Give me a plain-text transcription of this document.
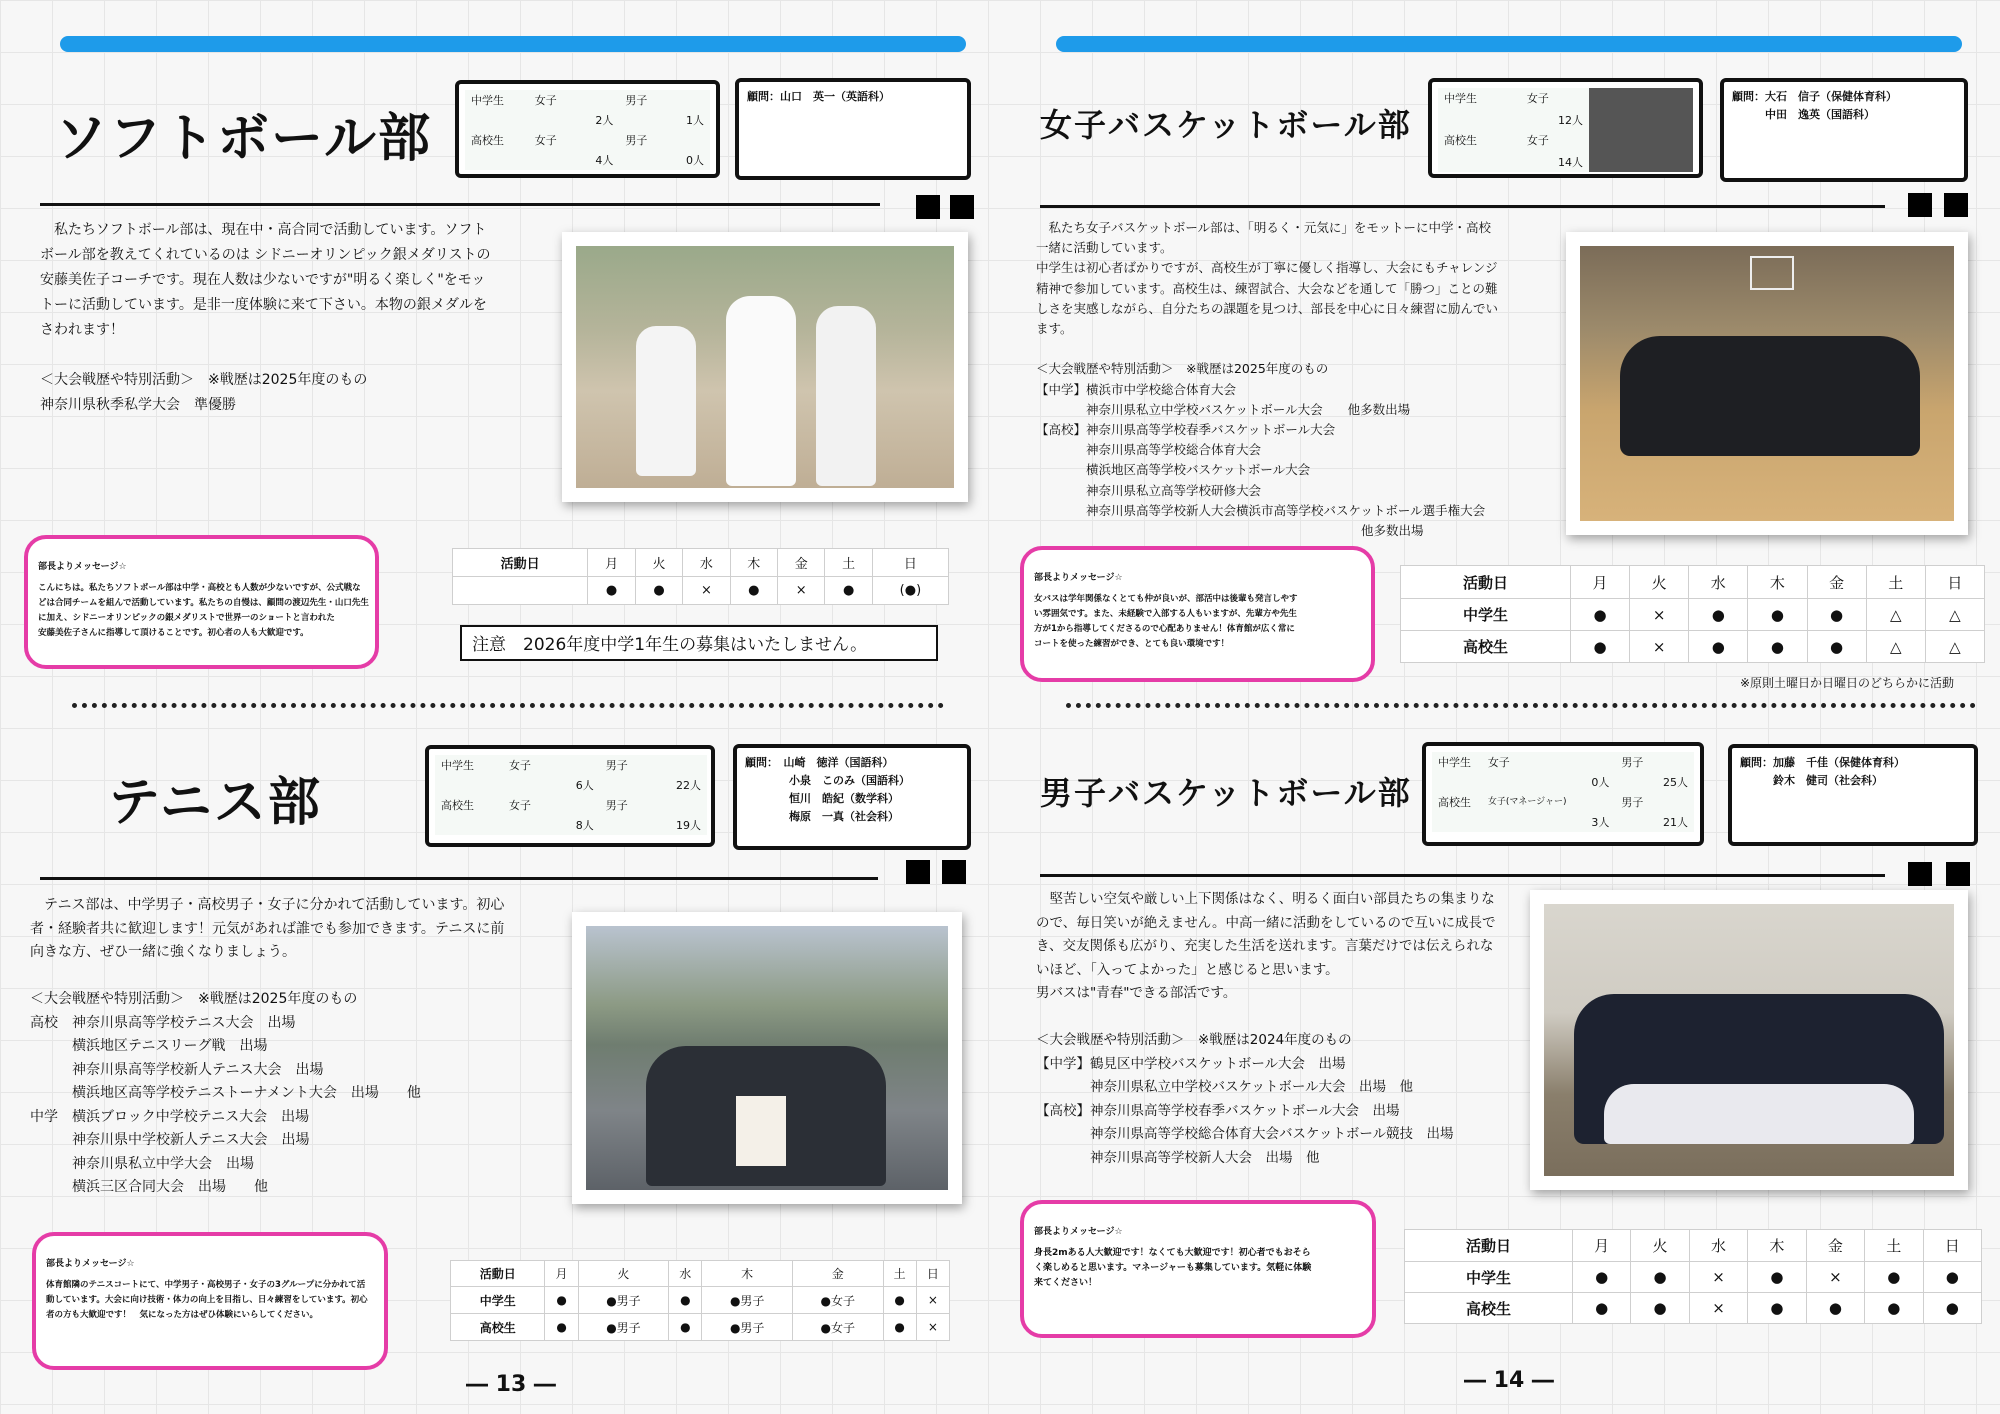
ソフトボール部
中学生	女子		男子	
		2人		1人
高校生	女子		男子	
		4人		0人
顧問：山口　英一（英語科）
　私たちソフトボール部は、現在中・高合同で活動しています。ソフト
ボール部を教えてくれているのは シドニーオリンピック銀メダリストの
安藤美佐子コーチです。現在人数は少ないですが"明るく楽しく"をモッ
トーに活動しています。是非一度体験に来て下さい。本物の銀メダルを
さわれます！

＜大会戦歴や特別活動＞　※戦歴は2025年度のもの
神奈川県秋季私学大会　準優勝
部長よりメッセージ☆
こんにちは。私たちソフトボール部は中学・高校とも人数が少ないですが、公式戦な
どは合同チームを組んで活動しています。私たちの自慢は、顧問の渡辺先生・山口先生
に加え、シドニーオリンピックの銀メダリストで世界一のショートと言われた
安藤美佐子さんに指導して頂けることです。初心者の人も大歓迎です。
活動日	月	火	水	木	金	土	日
	●	●	×	●	×	●	(●)
注意　2026年度中学1年生の募集はいたしません。
テニス部
中学生	女子		男子	
		6人		22人
高校生	女子		男子	
		8人		19人
顧問：　山崎　徳洋（国語科）
　　　　小泉　このみ（国語科）
　　　　恒川　皓紀（数学科）
　　　　梅原　一真（社会科）
　テニス部は、中学男子・高校男子・女子に分かれて活動しています。初心
者・経験者共に歓迎します！元気があれば誰でも参加できます。テニスに前
向きな方、ぜひ一緒に強くなりましょう。

＜大会戦歴や特別活動＞　※戦歴は2025年度のもの
高校　神奈川県高等学校テニス大会　出場
　　　横浜地区テニスリーグ戦　出場
　　　神奈川県高等学校新人テニス大会　出場
　　　横浜地区高等学校テニストーナメント大会　出場　　他
中学　横浜ブロック中学校テニス大会　出場
　　　神奈川県中学校新人テニス大会　出場
　　　神奈川県私立中学大会　出場
　　　横浜三区合同大会　出場　　他
部長よりメッセージ☆
体育館隣のテニスコートにて、中学男子・高校男子・女子の3グループに分かれて活
動しています。大会に向け技術・体力の向上を目指し、日々練習をしています。初心
者の方も大歓迎です！　気になった方はぜひ体験にいらしてください。
活動日	月	火	水	木	金	土	日
中学生	●	●男子	●	●男子	●女子	●	×
高校生	●	●男子	●	●男子	●女子	●	×
― 13 ―
女子バスケットボール部
中学生	女子	
	12人	
高校生	女子	
	14人	
顧問：大石　信子（保健体育科）
　　　中田　逸英（国語科）
　私たち女子バスケットボール部は、「明るく・元気に」をモットーに中学・高校
一緒に活動しています。
中学生は初心者ばかりですが、高校生が丁寧に優しく指導し、大会にもチャレンジ
精神で参加しています。高校生は、練習試合、大会などを通して「勝つ」ことの難
しさを実感しながら、自分たちの課題を見つけ、部長を中心に日々練習に励んでい
ます。

＜大会戦歴や特別活動＞　※戦歴は2025年度のもの
【中学】横浜市中学校総合体育大会
　　　　神奈川県私立中学校バスケットボール大会　　他多数出場
【高校】神奈川県高等学校春季バスケットボール大会
　　　　神奈川県高等学校総合体育大会
　　　　横浜地区高等学校バスケットボール大会
　　　　神奈川県私立高等学校研修大会
　　　　神奈川県高等学校新人大会横浜市高等学校バスケットボール選手権大会
　　　　　　　　　　　　　　　　　　　　　　　　　　他多数出場
部長よりメッセージ☆
女バスは学年関係なくとても仲が良いが、部活中は後輩も発言しやす
い雰囲気です。また、未経験で入部する人もいますが、先輩方や先生
方が1から指導してくださるので心配ありません！体育館が広く常に
コートを使った練習ができ、とても良い環境です！
活動日	月	火	水	木	金	土	日
中学生	●	×	●	●	●	△	△
高校生	●	×	●	●	●	△	△
※原則土曜日か日曜日のどちらかに活動
男子バスケットボール部
中学生	女子		男子	
		0人		25人
高校生	女子(マネージャー)		男子	
		3人		21人
顧問：加藤　千佳（保健体育科）
　　　鈴木　健司（社会科）
　堅苦しい空気や厳しい上下関係はなく、明るく面白い部員たちの集まりな
ので、毎日笑いが絶えません。中高一緒に活動をしているので互いに成長で
き、交友関係も広がり、充実した生活を送れます。言葉だけでは伝えられな
いほど、「入ってよかった」と感じると思います。
男バスは"青春"できる部活です。

＜大会戦歴や特別活動＞　※戦歴は2024年度のもの
【中学】鶴見区中学校バスケットボール大会　出場
　　　　神奈川県私立中学校バスケットボール大会　出場　他
【高校】神奈川県高等学校春季バスケットボール大会　出場
　　　　神奈川県高等学校総合体育大会バスケットボール競技　出場
　　　　神奈川県高等学校新人大会　出場　他
部長よりメッセージ☆
身長2mある人大歓迎です！なくても大歓迎です！初心者でもおそら
く楽しめると思います。マネージャーも募集しています。気軽に体験
来てください！
活動日	月	火	水	木	金	土	日
中学生	●	●	×	●	×	●	●
高校生	●	●	×	●	●	●	●
― 14 ―
